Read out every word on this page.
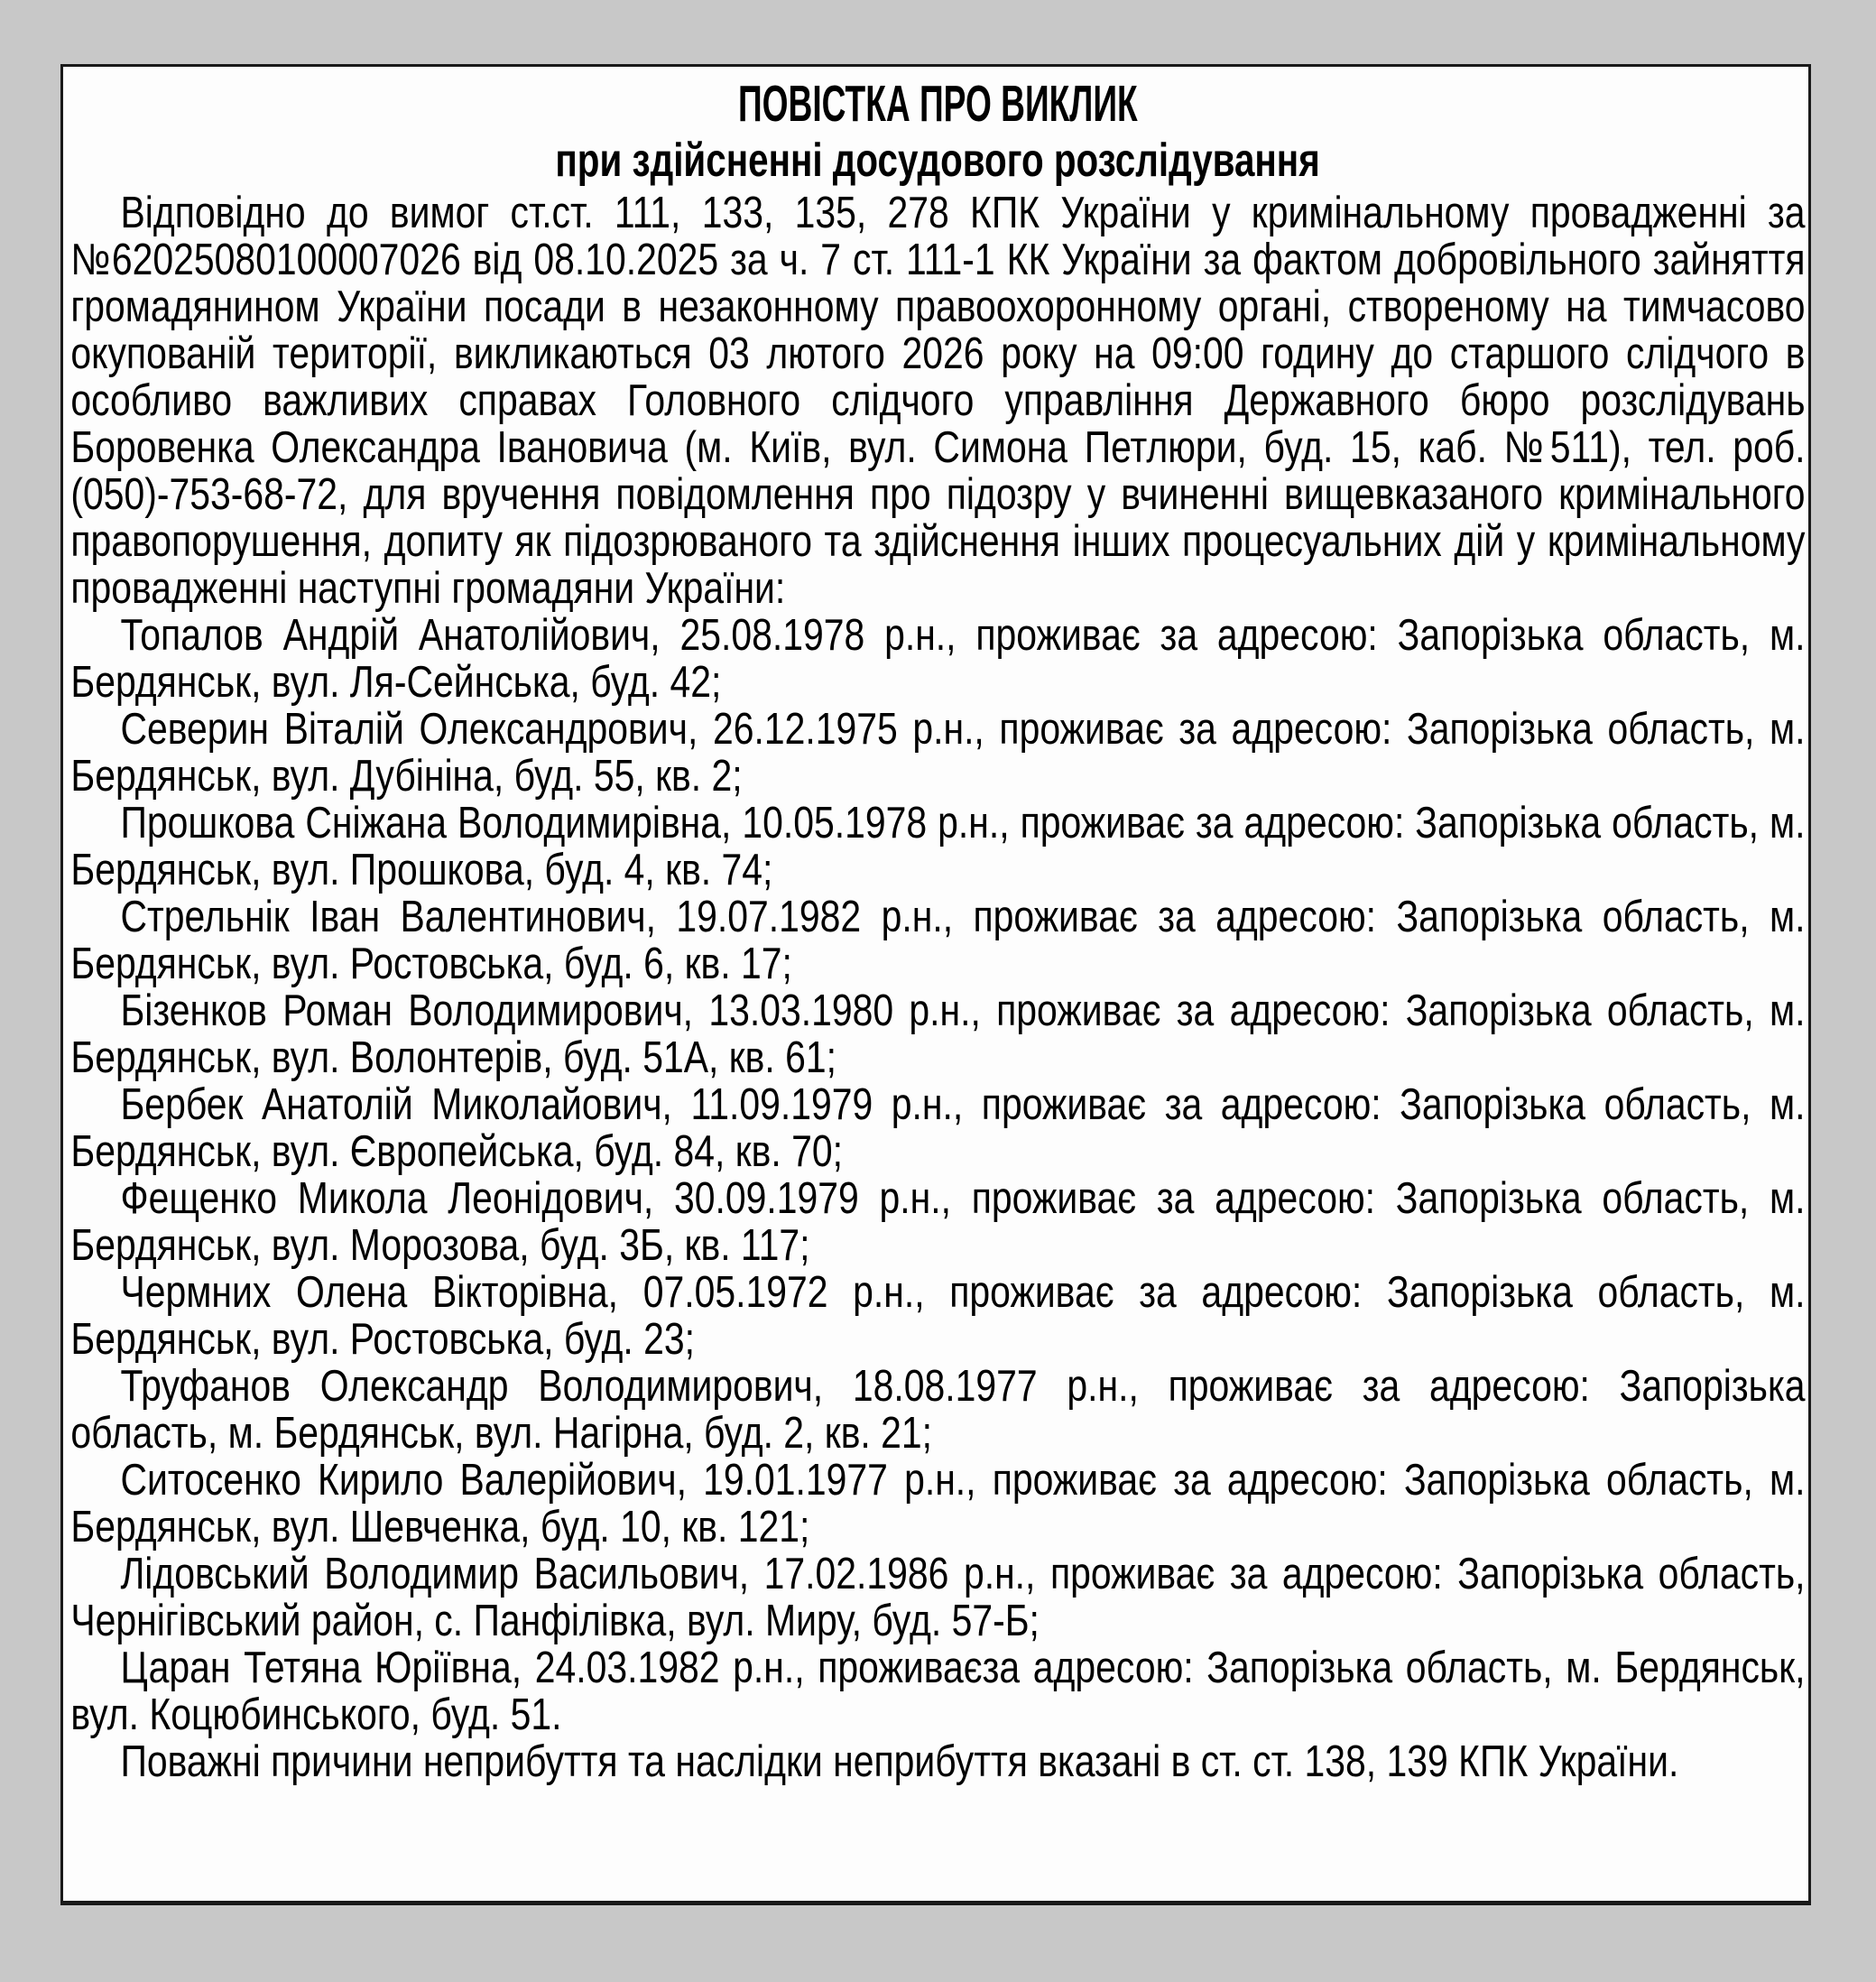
ПОВІСТКА ПРО ВИКЛИК
при здійсненні досудового розслідування

Відповідно до вимог ст.ст. 111, 133, 135, 278 КПК України у кримінальному провадженні за №62025080100007026 від 08.10.2025 за ч. 7 ст. 111-1 КК України за фактом добровільного зайняття громадянином України посади в незаконному правоохоронному органі, створеному на тимчасово окупованій території, викликаються 03 лютого 2026 року на 09:00 годину до старшого слідчого в особливо важливих справах Головного слідчого управління Державного бюро розслідувань Боровенка Олександра Івановича (м. Київ, вул. Симона Петлюри, буд. 15, каб. №511), тел. роб. (050)-753-68-72, для вручення повідомлення про підозру у вчиненні вищевказаного кримінального правопорушення, допиту як підозрюваного та здійснення інших процесуальних дій у кримінальному провадженні наступні громадяни України:

Топалов Андрій Анатолійович, 25.08.1978 р.н., проживає за адресою: Запорізька область, м. Бердянськ, вул. Ля-Сейнська, буд. 42;

Северин Віталій Олександрович, 26.12.1975 р.н., проживає за адресою: Запорізька область, м. Бердянськ, вул. Дубініна, буд. 55, кв. 2;

Прошкова Сніжана Володимирівна, 10.05.1978 р.н., проживає за адресою: Запорізька область, м. Бердянськ, вул. Прошкова, буд. 4, кв. 74;

Стрельнік Іван Валентинович, 19.07.1982 р.н., проживає за адресою: Запорізька область, м. Бердянськ, вул. Ростовська, буд. 6, кв. 17;

Бізенков Роман Володимирович, 13.03.1980 р.н., проживає за адресою: Запорізька область, м. Бердянськ, вул. Волонтерів, буд. 51А, кв. 61;

Бербек Анатолій Миколайович, 11.09.1979 р.н., проживає за адресою: Запорізька область, м. Бердянськ, вул. Європейська, буд. 84, кв. 70;

Фещенко Микола Леонідович, 30.09.1979 р.н., проживає за адресою: Запорізька область, м. Бердянськ, вул. Морозова, буд. 3Б, кв. 117;

Чермних Олена Вікторівна, 07.05.1972 р.н., проживає за адресою: Запорізька область, м. Бердянськ, вул. Ростовська, буд. 23;

Труфанов Олександр Володимирович, 18.08.1977 р.н., проживає за адресою: Запорізька область, м. Бердянськ, вул. Нагірна, буд. 2, кв. 21;

Ситосенко Кирило Валерійович, 19.01.1977 р.н., проживає за адресою: Запорізька область, м. Бердянськ, вул. Шевченка, буд. 10, кв. 121;

Лідовський Володимир Васильович, 17.02.1986 р.н., проживає за адресою: Запорізька область, Чернігівський район, с. Панфілівка, вул. Миру, буд. 57-Б;

Царан Тетяна Юріївна, 24.03.1982 р.н., проживаєза адресою: Запорізька область, м. Бердянськ, вул. Коцюбинського, буд. 51.

Поважні причини неприбуття та наслідки неприбуття вказані в ст. ст. 138, 139 КПК України.
